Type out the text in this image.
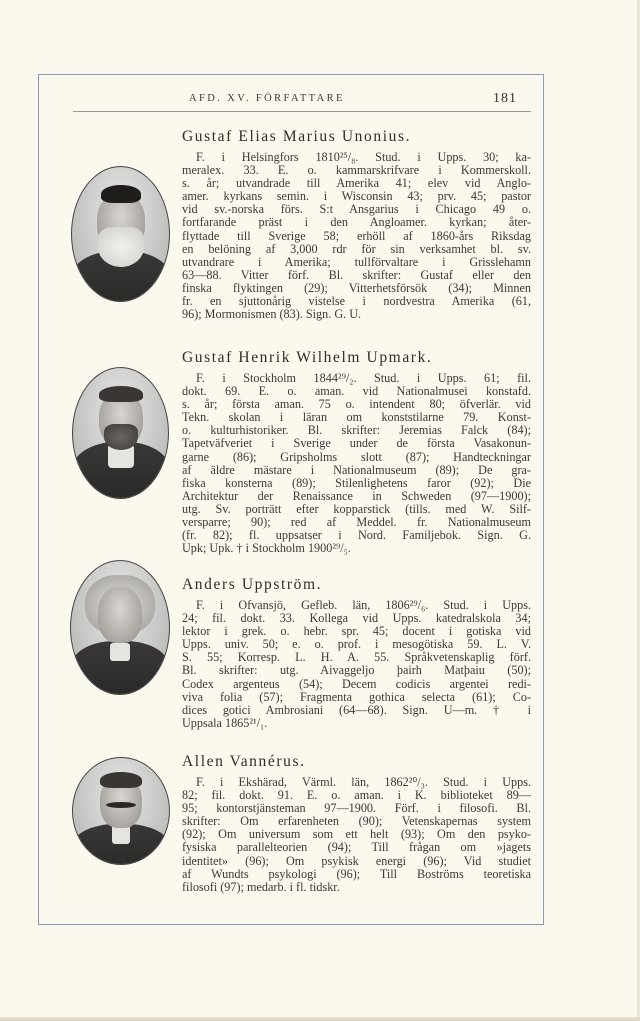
AFD. XV. FÖRFATTARE	181
Gustaf Elias Marius Unonius.
F. i Helsingfors 1810²⁵/₈. Stud. i Upps. 30; ka-
meralex. 33. E. o. kammarskrifvare i Kommerskoll.
s. år; utvandrade till Amerika 41; elev vid Anglo-
amer. kyrkans semin. i Wisconsin 43; prv. 45; pastor
vid sv.-norska förs. S:t Ansgarius i Chicago 49 o.
fortfarande präst i den Angloamer. kyrkan; åter-
flyttade till Sverige 58; erhöll af 1860-års Riksdag
en belöning af 3,000 rdr för sin verksamhet bl. sv.
utvandrare i Amerika; tullförvaltare i Grisslehamn
63—88. Vitter förf. Bl. skrifter: Gustaf eller den
finska flyktingen (29); Vitterhetsförsök (34); Minnen
fr. en sjuttonårig vistelse i nordvestra Amerika (61,
96); Mormonismen (83). Sign. G. U.
Gustaf Henrik Wilhelm Upmark.
F. i Stockholm 1844²⁹/₂. Stud. i Upps. 61; fil.
dokt. 69. E. o. aman. vid Nationalmusei konstafd.
s. år; första aman. 75 o. intendent 80; öfverlär. vid
Tekn. skolan i läran om konststilarne 79. Konst-
o. kulturhistoriker. Bl. skrifter: Jeremias Falck (84);
Tapetväfveriet i Sverige under de första Vasakonun-
garne (86); Gripsholms slott (87); Handteckningar
af äldre mästare i Nationalmuseum (89); De gra-
fiska konsterna (89); Stilenlighetens faror (92); Die
Architektur der Renaissance in Schweden (97—1900);
utg. Sv. porträtt efter kopparstick (tills. med W. Silf-
versparre; 90); red af Meddel. fr. Nationalmuseum
(fr. 82); fl. uppsatser i Nord. Familjebok. Sign. G.
Upk; Upk. † i Stockholm 1900²⁹/₅.
Anders Uppström.
F. i Ofvansjö, Gefleb. län, 1806²⁹/₆. Stud. i Upps.
24; fil. dokt. 33. Kollega vid Upps. katedralskola 34;
lektor i grek. o. hebr. spr. 45; docent i gotiska vid
Upps. univ. 50; e. o. prof. i mesogötiska 59. L. V.
S. 55; Korresp. L. H. A. 55. Språkvetenskaplig förf.
Bl. skrifter: utg. Aivaggeljo þairh Matþaiu (50);
Codex argenteus (54); Decem codicis argentei redi-
viva folia (57); Fragmenta gothica selecta (61); Co-
dices gotici Ambrosiani (64—68). Sign. U—m. † i
Uppsala 1865²¹/₁.
Allen Vannérus.
F. i Ekshärad, Värml. län, 1862²⁰/₃. Stud. i Upps.
82; fil. dokt. 91. E. o. aman. i K. biblioteket 89—
95; kontorstjänsteman 97—1900. Förf. i filosofi. Bl.
skrifter: Om erfarenheten (90); Vetenskapernas system
(92); Om universum som ett helt (93); Om den psyko-
fysiska parallelteorien (94); Till frågan om »jagets
identitet» (96); Om psykisk energi (96); Vid studiet
af Wundts psykologi (96); Till Boströms teoretiska
filosofi (97); medarb. i fl. tidskr.
